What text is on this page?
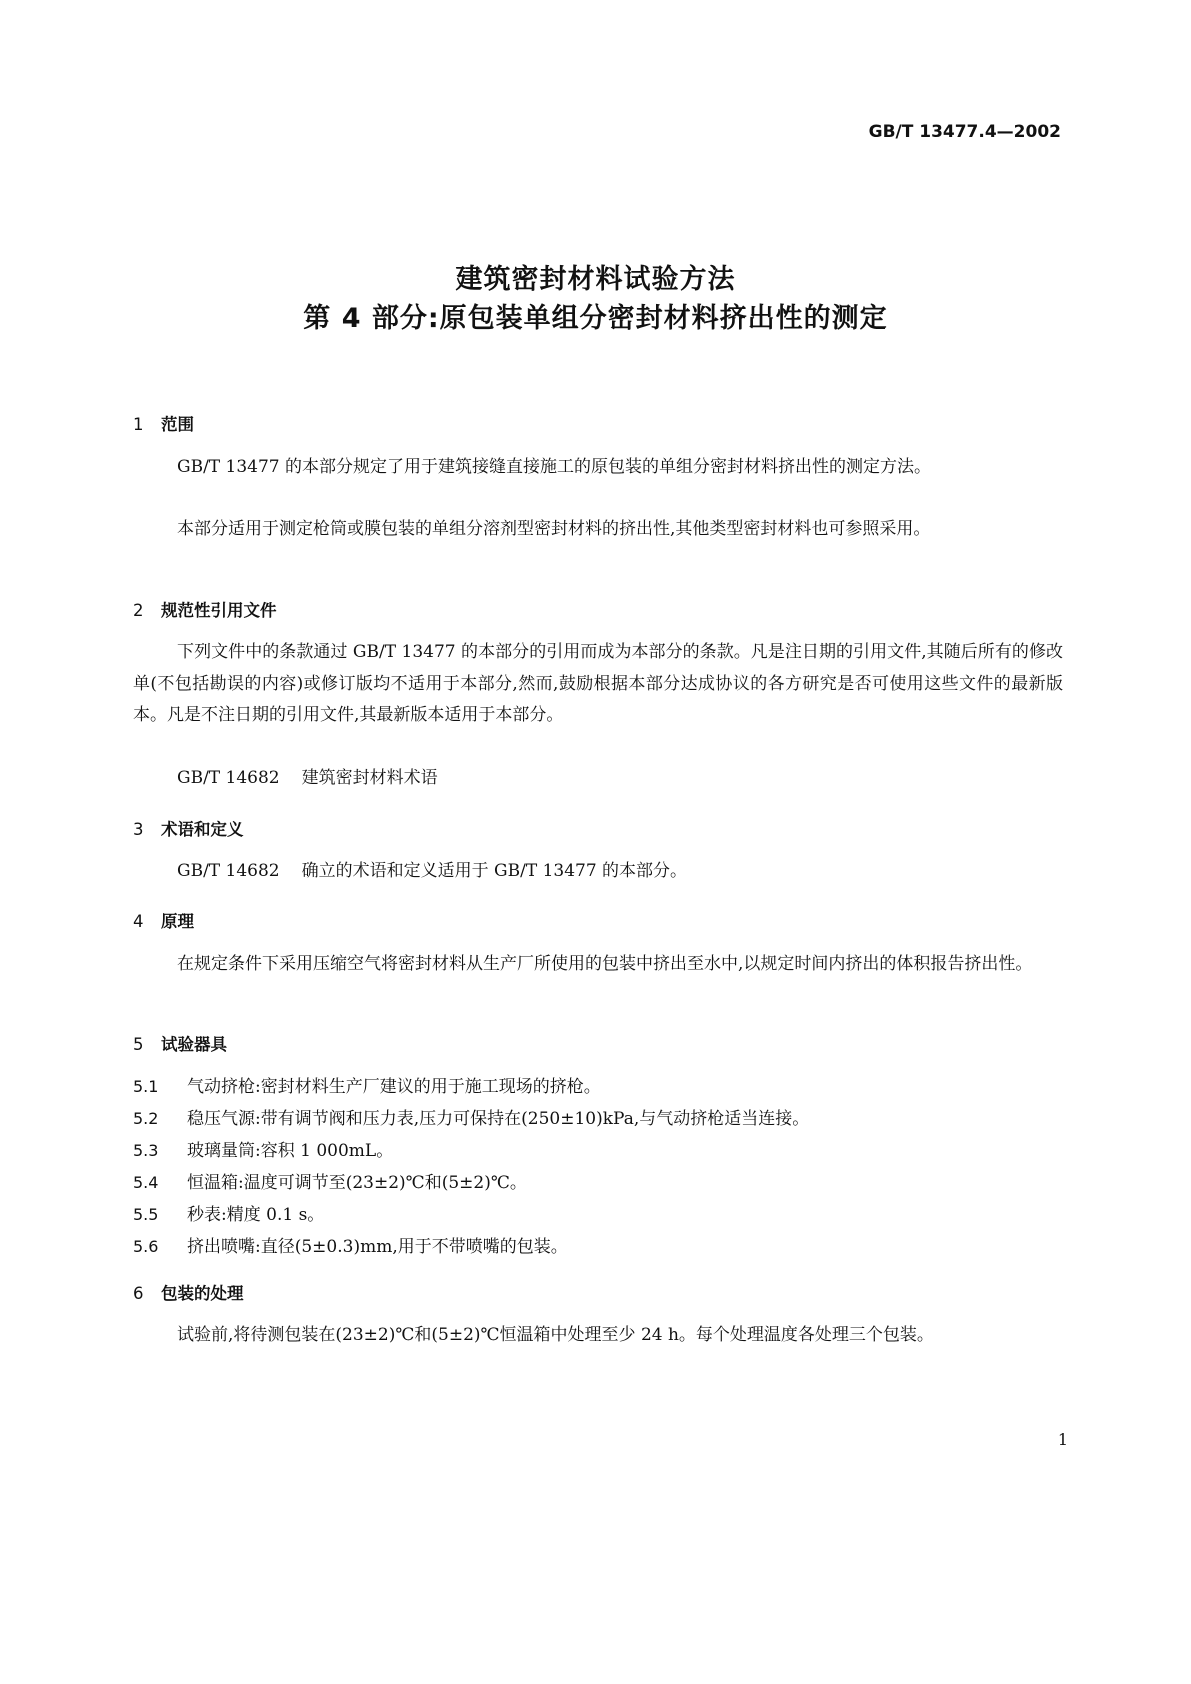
GB/T 13477.4—2002
建筑密封材料试验方法
第 4 部分:原包装单组分密封材料挤出性的测定
1 范围

GB/T 13477 的本部分规定了用于建筑接缝直接施工的原包装的单组分密封材料挤出性的测定方法。

本部分适用于测定枪筒或膜包装的单组分溶剂型密封材料的挤出性,其他类型密封材料也可参照采用。

2 规范性引用文件

下列文件中的条款通过 GB/T 13477 的本部分的引用而成为本部分的条款。凡是注日期的引用文件,其随后所有的修改单(不包括勘误的内容)或修订版均不适用于本部分,然而,鼓励根据本部分达成协议的各方研究是否可使用这些文件的最新版本。凡是不注日期的引用文件,其最新版本适用于本部分。

GB/T 14682 建筑密封材料术语
3 术语和定义
GB/T 14682 确立的术语和定义适用于 GB/T 13477 的本部分。
4 原理

在规定条件下采用压缩空气将密封材料从生产厂所使用的包装中挤出至水中,以规定时间内挤出的体积报告挤出性。

5 试验器具
5.1 气动挤枪:密封材料生产厂建议的用于施工现场的挤枪。
5.2 稳压气源:带有调节阀和压力表,压力可保持在(250±10)kPa,与气动挤枪适当连接。
5.3 玻璃量筒:容积 1 000mL。
5.4 恒温箱:温度可调节至(23±2)℃和(5±2)℃。
5.5 秒表:精度 0.1 s。
5.6 挤出喷嘴:直径(5±0.3)mm,用于不带喷嘴的包装。
6 包装的处理

试验前,将待测包装在(23±2)℃和(5±2)℃恒温箱中处理至少 24 h。每个处理温度各处理三个包装。

1
